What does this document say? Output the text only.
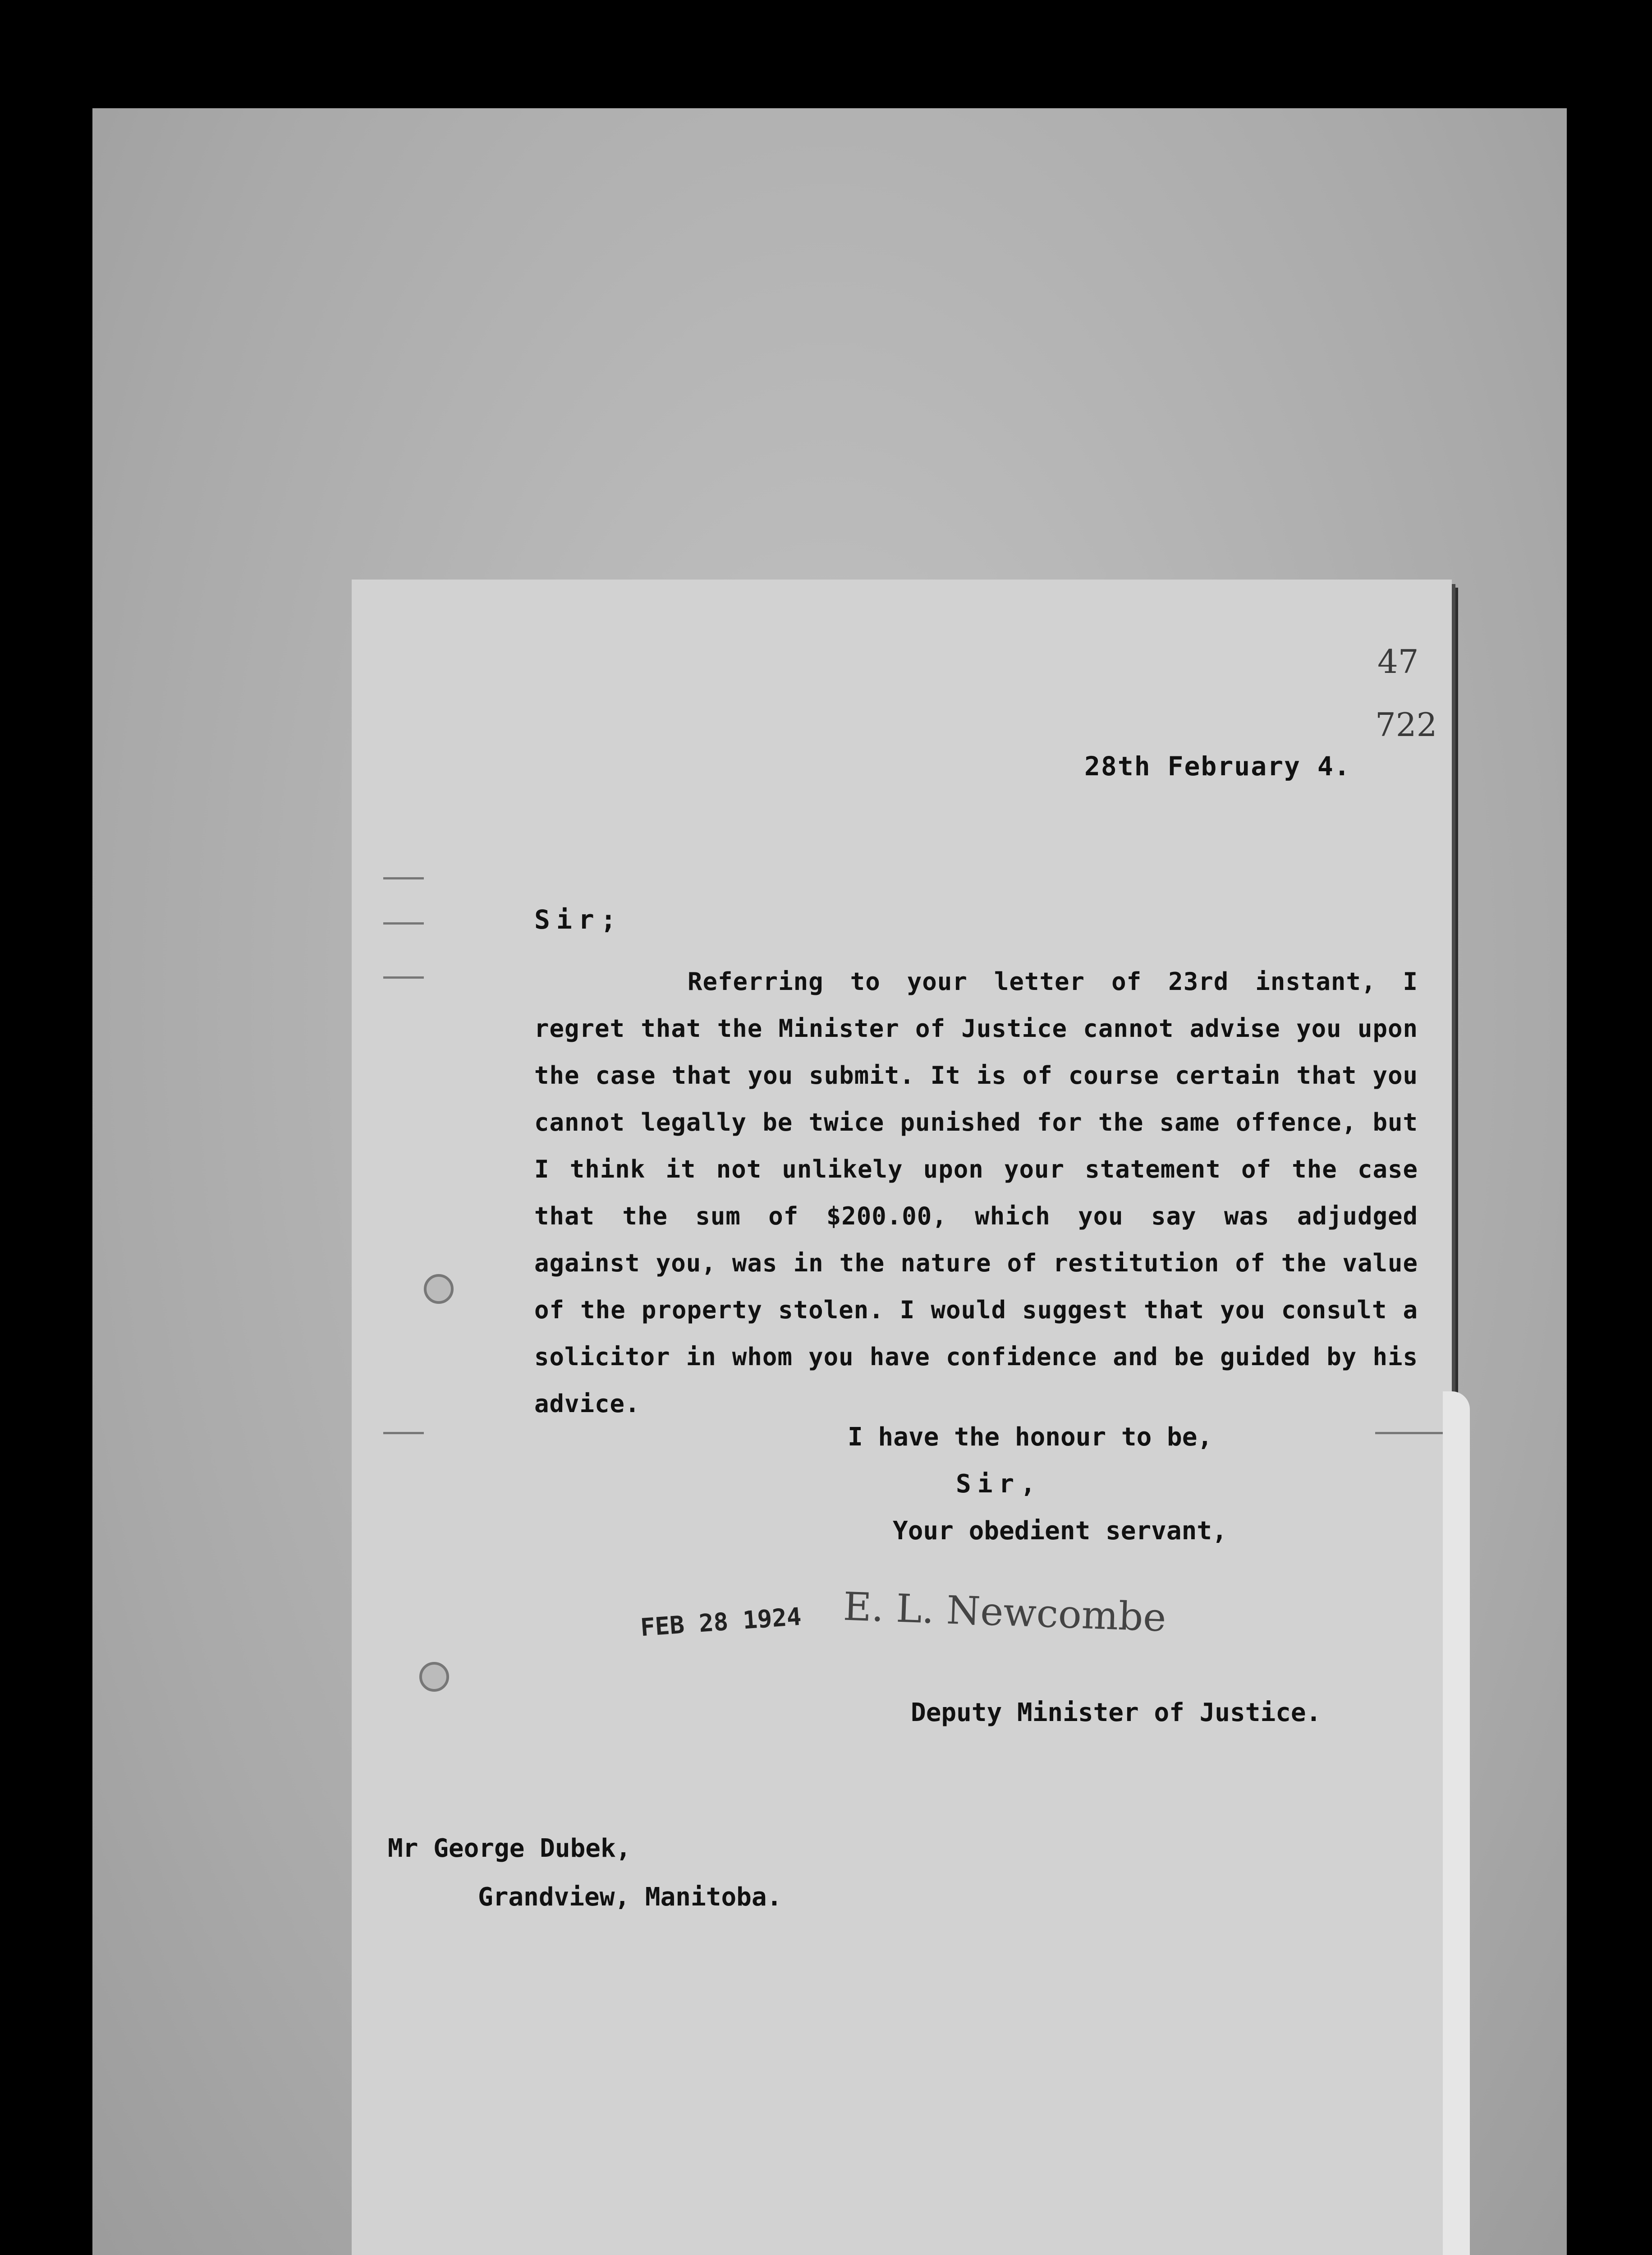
47
722
28th February 4.
Sir;

Referring to your letter of 23rd instant, I regret that the Minister of Justice cannot advise you upon the case that you submit. It is of course certain that you cannot legally be twice punished for the same offence, but I think it not unlikely upon your statement of the case that the sum of $200.00, which you say was adjudged against you, was in the nature of restitution of the value of the property stolen. I would suggest that you consult a solicitor in whom you have confidence and be guided by his advice.

I have the honour to be,
Sir,
Your obedient servant,
FEB 28 1924 E. L. Newcombe
Deputy Minister of Justice.
Mr George Dubek,
Grandview, Manitoba.
